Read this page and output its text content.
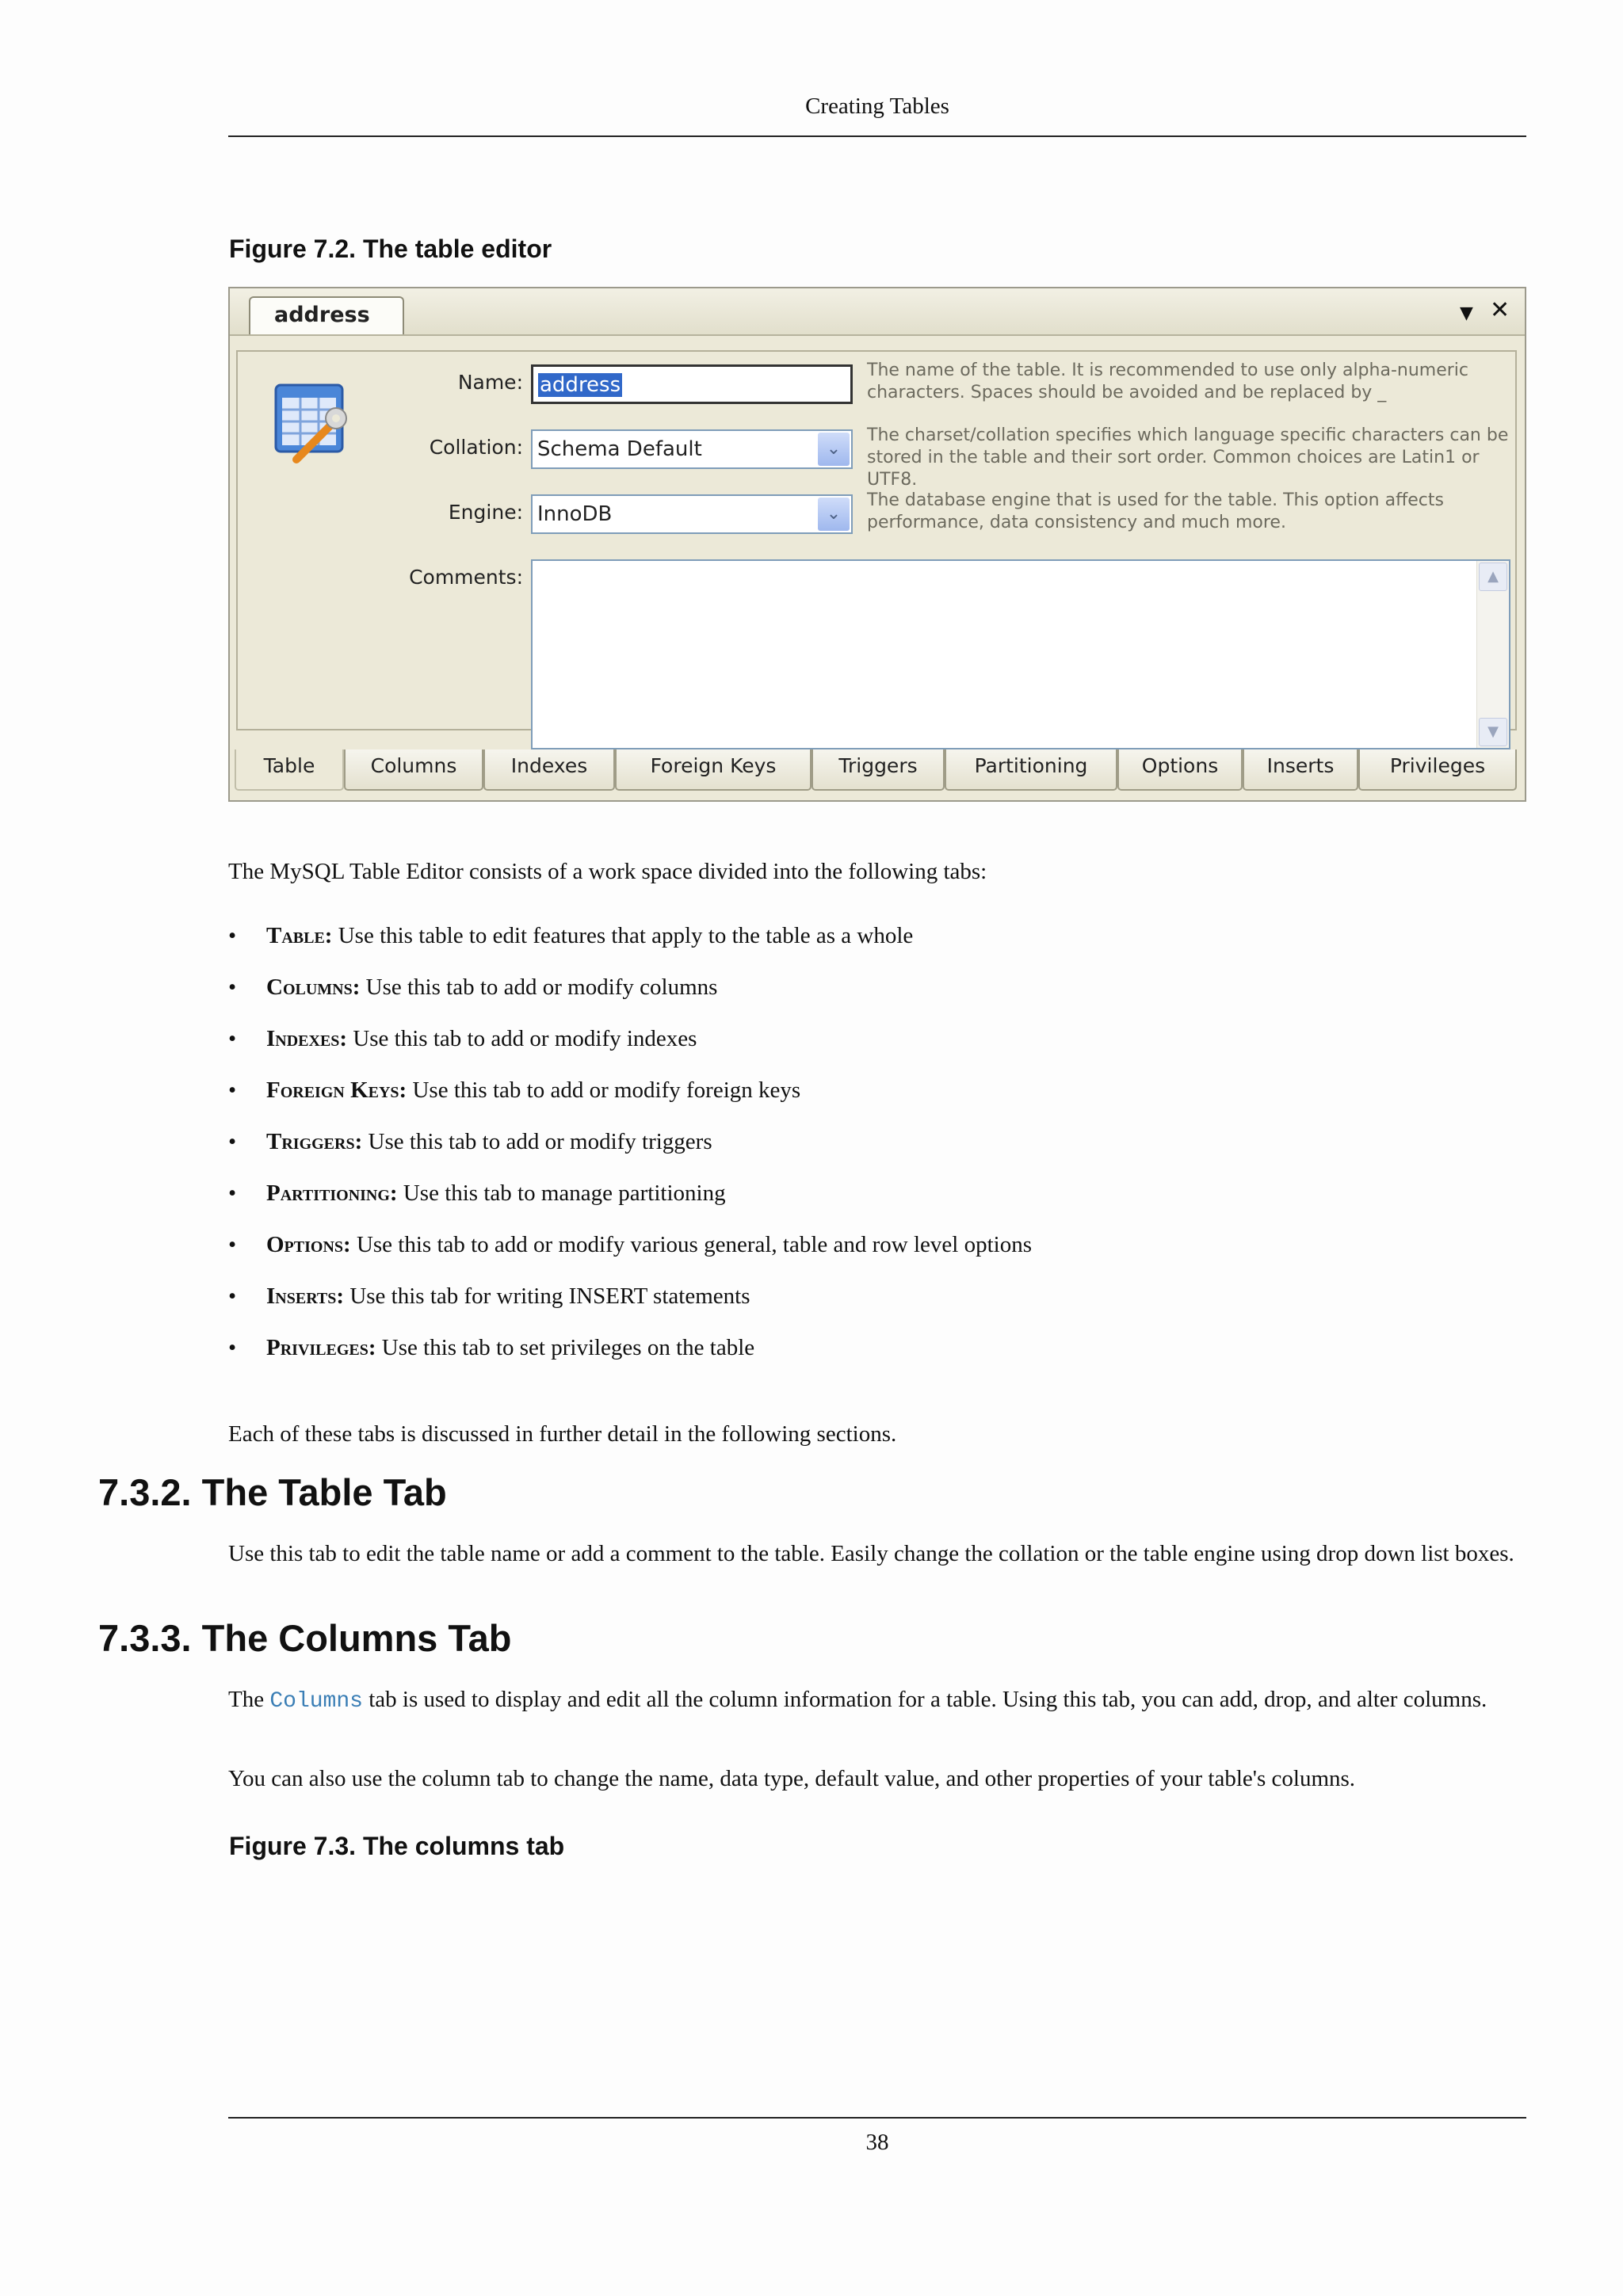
Creating Tables
Figure 7.2. The table editor
address	▼ ✕
Name: address
The name of the table. It is recommended to use only alpha-numeric
characters. Spaces should be avoided and be replaced by _
Collation: Schema Default	⌄
The charset/collation specifies which language specific characters can be
stored in the table and their sort order. Common choices are Latin1 or UTF8.
Engine: InnoDB	⌄
The database engine that is used for the table. This option affects
performance, data consistency and much more.
Comments:	▲
▼
Table	Columns	Indexes	Foreign Keys	Triggers	Partitioning	Options	Inserts	Privileges
The MySQL Table Editor consists of a work space divided into the following tabs:
• Table: Use this table to edit features that apply to the table as a whole
• Columns: Use this tab to add or modify columns
• Indexes: Use this tab to add or modify indexes
• Foreign Keys: Use this tab to add or modify foreign keys
• Triggers: Use this tab to add or modify triggers
• Partitioning: Use this tab to manage partitioning
• Options: Use this tab to add or modify various general, table and row level options
• Inserts: Use this tab for writing INSERT statements
• Privileges: Use this tab to set privileges on the table
Each of these tabs is discussed in further detail in the following sections.
7.3.2. The Table Tab
Use this tab to edit the table name or add a comment to the table. Easily change the collation or the table engine using drop down list boxes.
7.3.3. The Columns Tab
The Columns tab is used to display and edit all the column information for a table. Using this tab, you can add, drop, and alter columns.
You can also use the column tab to change the name, data type, default value, and other properties of your table's columns.
Figure 7.3. The columns tab
38
